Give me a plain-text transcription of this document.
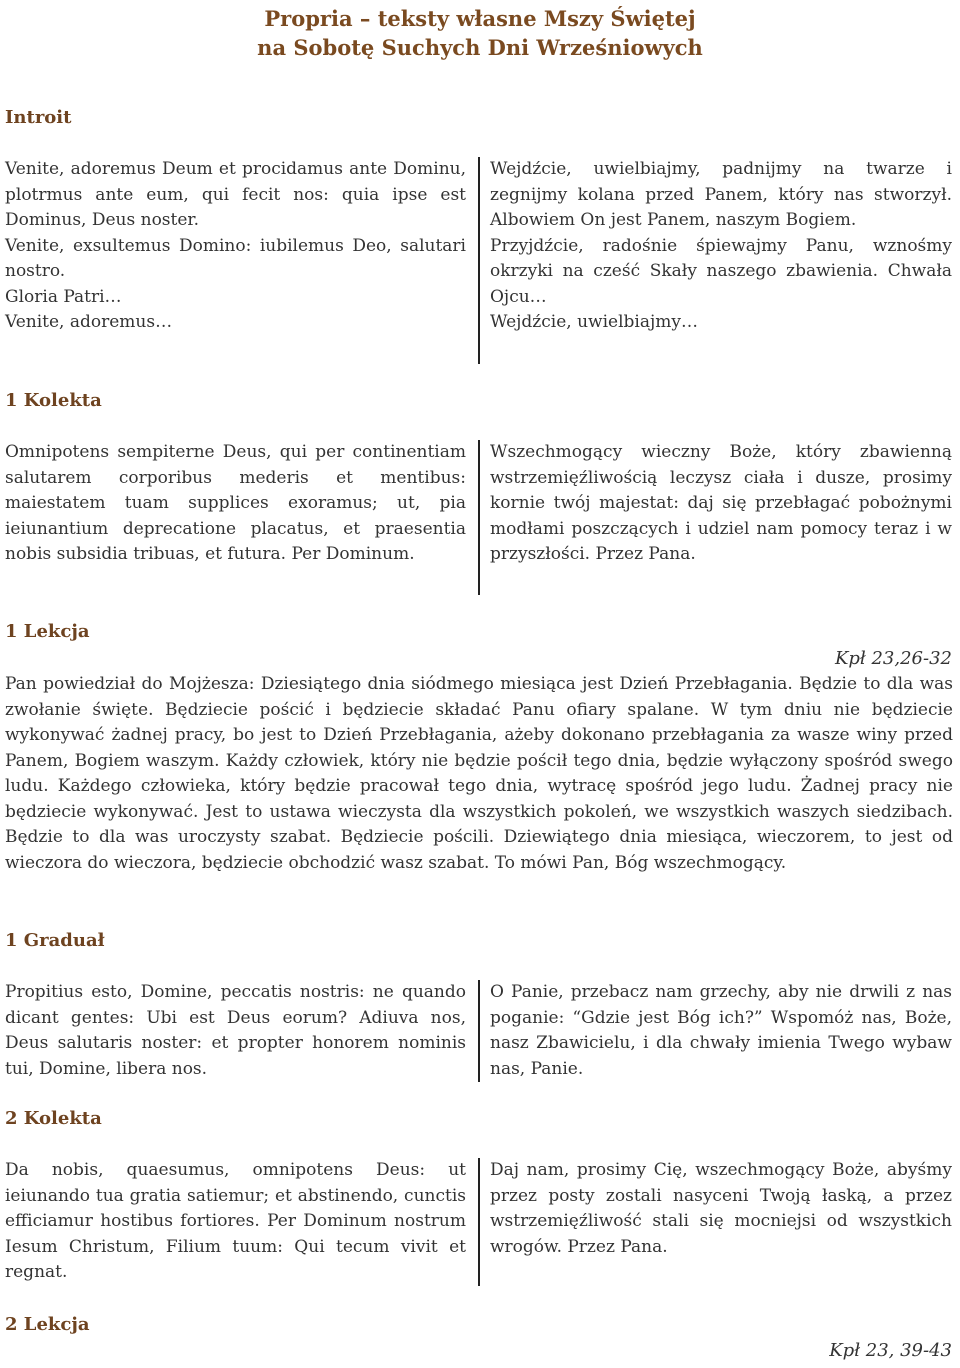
Propria – teksty własne Mszy Świętej
na Sobotę Suchych Dni Wrześniowych
Introit
Venite, adoremus Deum et procidamus ante Dominu, plotrmus ante eum, qui fecit nos: quia ipse est Dominus, Deus noster.
Venite, exsultemus Domino: iubilemus Deo, salutari nostro.
Gloria Patri…
Venite, adoremus…
Wejdźcie, uwielbiajmy, padnijmy na twarze i zegnijmy kolana przed Panem, który nas stworzył. Albowiem On jest Panem, naszym Bogiem.
Przyjdźcie, radośnie śpiewajmy Panu, wznośmy okrzyki na cześć Skały naszego zbawienia. Chwała Ojcu…
Wejdźcie, uwielbiajmy…
1 Kolekta
Omnipotens sempiterne Deus, qui per continentiam salutarem corporibus mederis et mentibus: maiestatem tuam supplices exoramus; ut, pia ieiunantium deprecatione placatus, et praesentia nobis subsidia tribuas, et futura. Per Dominum.
Wszechmogący wieczny Boże, który zbawienną wstrzemięźliwością leczysz ciała i dusze, prosimy kornie twój majestat: daj się przebłagać pobożnymi modłami poszczących i udziel nam pomocy teraz i w przyszłości. Przez Pana.
1 Lekcja
Kpł 23,26-32
Pan powiedział do Mojżesza: Dziesiątego dnia siódmego miesiąca jest Dzień Przebłagania. Będzie to dla was zwołanie święte. Będziecie pościć i będziecie składać Panu ofiary spalane. W tym dniu nie będziecie wykonywać żadnej pracy, bo jest to Dzień Przebłagania, ażeby dokonano przebłagania za wasze winy przed Panem, Bogiem waszym. Każdy człowiek, który nie będzie pościł tego dnia, będzie wyłączony spośród swego ludu. Każdego człowieka, który będzie pracował tego dnia, wytracę spośród jego ludu. Żadnej pracy nie będziecie wykonywać. Jest to ustawa wieczysta dla wszystkich pokoleń, we wszystkich waszych siedzibach. Będzie to dla was uroczysty szabat. Będziecie pościli. Dziewiątego dnia miesiąca, wieczorem, to jest od wieczora do wieczora, będziecie obchodzić wasz szabat. To mówi Pan, Bóg wszechmogący.
1 Graduał
Propitius esto, Domine, peccatis nostris: ne quando dicant gentes: Ubi est Deus eorum? Adiuva nos, Deus salutaris noster: et propter honorem nominis tui, Domine, libera nos.
O Panie, przebacz nam grzechy, aby nie drwili z nas poganie: “Gdzie jest Bóg ich?” Wspomóż nas, Boże, nasz Zbawicielu, i dla chwały imienia Twego wybaw nas, Panie.
2 Kolekta
Da nobis, quaesumus, omnipotens Deus: ut ieiunando tua gratia satiemur; et abstinendo, cunctis efficiamur hostibus fortiores. Per Dominum nostrum Iesum Christum, Filium tuum: Qui tecum vivit et regnat.
Daj nam, prosimy Cię, wszechmogący Boże, abyśmy przez posty zostali nasyceni Twoją łaską, a przez wstrzemięźliwość stali się mocniejsi od wszystkich wrogów. Przez Pana.
2 Lekcja
Kpł 23, 39-43
